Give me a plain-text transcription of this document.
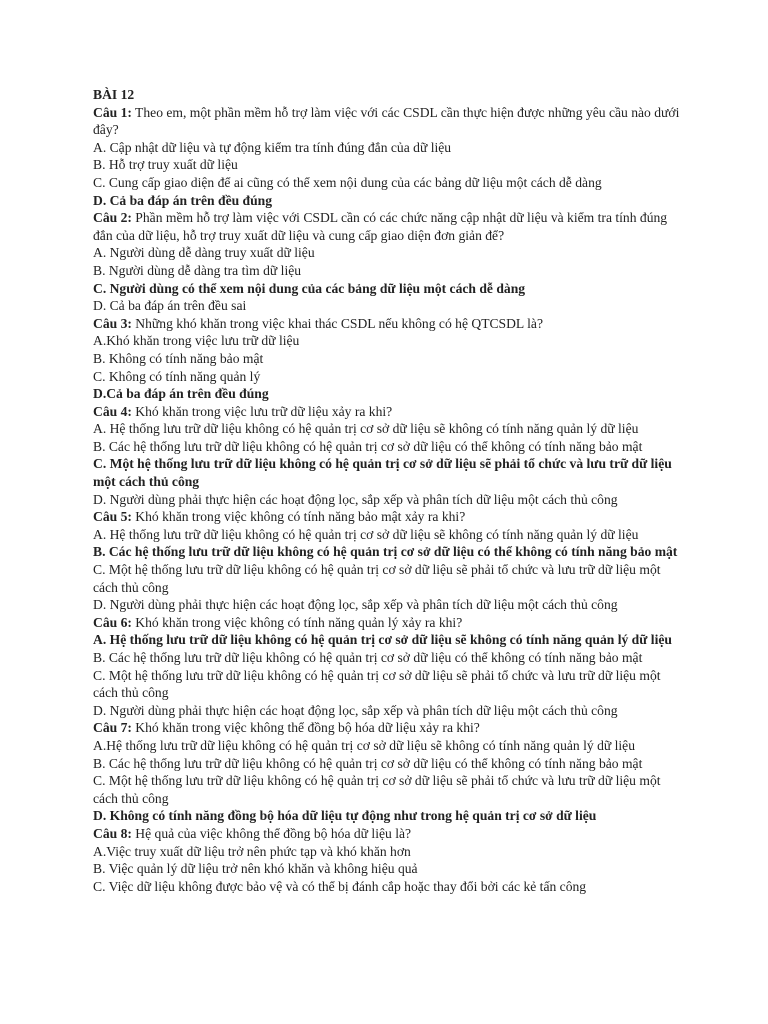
BÀI 12

Câu 1: Theo em, một phần mềm hỗ trợ làm việc với các CSDL cần thực hiện được những yêu cầu nào dưới đây?

A. Cập nhật dữ liệu và tự động kiểm tra tính đúng đắn của dữ liệu

B. Hỗ trợ truy xuất dữ liệu

C. Cung cấp giao diện để ai cũng có thể xem nội dung của các bảng dữ liệu một cách dễ dàng

D. Cả ba đáp án trên đều đúng

Câu 2: Phần mềm hỗ trợ làm việc với CSDL cần có các chức năng cập nhật dữ liệu và kiểm tra tính đúng đắn của dữ liệu, hỗ trợ truy xuất dữ liệu và cung cấp giao diện đơn giản để?

A. Người dùng dễ dàng truy xuất dữ liệu

B. Người dùng dễ dàng tra tìm dữ liệu

C. Người dùng có thể xem nội dung của các bảng dữ liệu một cách dễ dàng

D. Cả ba đáp án trên đều sai

Câu 3: Những khó khăn trong việc khai thác CSDL nếu không có hệ QTCSDL là?

A.Khó khăn trong việc lưu trữ dữ liệu

B. Không có tính năng bảo mật

C. Không có tính năng quản lý

D.Cả ba đáp án trên đều đúng

Câu 4: Khó khăn trong việc lưu trữ dữ liệu xảy ra khi?

A. Hệ thống lưu trữ dữ liệu không có hệ quản trị cơ sở dữ liệu sẽ không có tính năng quản lý dữ liệu

B. Các hệ thống lưu trữ dữ liệu không có hệ quản trị cơ sở dữ liệu có thể không có tính năng bảo mật

C. Một hệ thống lưu trữ dữ liệu không có hệ quản trị cơ sở dữ liệu sẽ phải tổ chức và lưu trữ dữ liệu một cách thủ công

D. Người dùng phải thực hiện các hoạt động lọc, sắp xếp và phân tích dữ liệu một cách thủ công

Câu 5: Khó khăn trong việc không có tính năng bảo mật xảy ra khi?

A. Hệ thống lưu trữ dữ liệu không có hệ quản trị cơ sở dữ liệu sẽ không có tính năng quản lý dữ liệu

B. Các hệ thống lưu trữ dữ liệu không có hệ quản trị cơ sở dữ liệu có thể không có tính năng bảo mật

C. Một hệ thống lưu trữ dữ liệu không có hệ quản trị cơ sở dữ liệu sẽ phải tổ chức và lưu trữ dữ liệu một cách thủ công

D. Người dùng phải thực hiện các hoạt động lọc, sắp xếp và phân tích dữ liệu một cách thủ công

Câu 6: Khó khăn trong việc không có tính năng quản lý xảy ra khi?

A. Hệ thống lưu trữ dữ liệu không có hệ quản trị cơ sở dữ liệu sẽ không có tính năng quản lý dữ liệu

B. Các hệ thống lưu trữ dữ liệu không có hệ quản trị cơ sở dữ liệu có thể không có tính năng bảo mật

C. Một hệ thống lưu trữ dữ liệu không có hệ quản trị cơ sở dữ liệu sẽ phải tổ chức và lưu trữ dữ liệu một cách thủ công

D. Người dùng phải thực hiện các hoạt động lọc, sắp xếp và phân tích dữ liệu một cách thủ công

Câu 7: Khó khăn trong việc không thể đồng bộ hóa dữ liệu xảy ra khi?

A.Hệ thống lưu trữ dữ liệu không có hệ quản trị cơ sở dữ liệu sẽ không có tính năng quản lý dữ liệu

B. Các hệ thống lưu trữ dữ liệu không có hệ quản trị cơ sở dữ liệu có thể không có tính năng bảo mật

C. Một hệ thống lưu trữ dữ liệu không có hệ quản trị cơ sở dữ liệu sẽ phải tổ chức và lưu trữ dữ liệu một cách thủ công

D. Không có tính năng đồng bộ hóa dữ liệu tự động như trong hệ quản trị cơ sở dữ liệu

Câu 8: Hệ quả của việc không thể đồng bộ hóa dữ liệu là?

A.Việc truy xuất dữ liệu trở nên phức tạp và khó khăn hơn

B. Việc quản lý dữ liệu trở nên khó khăn và không hiệu quả

C. Việc dữ liệu không được bảo vệ và có thể bị đánh cắp hoặc thay đổi bởi các kẻ tấn công
